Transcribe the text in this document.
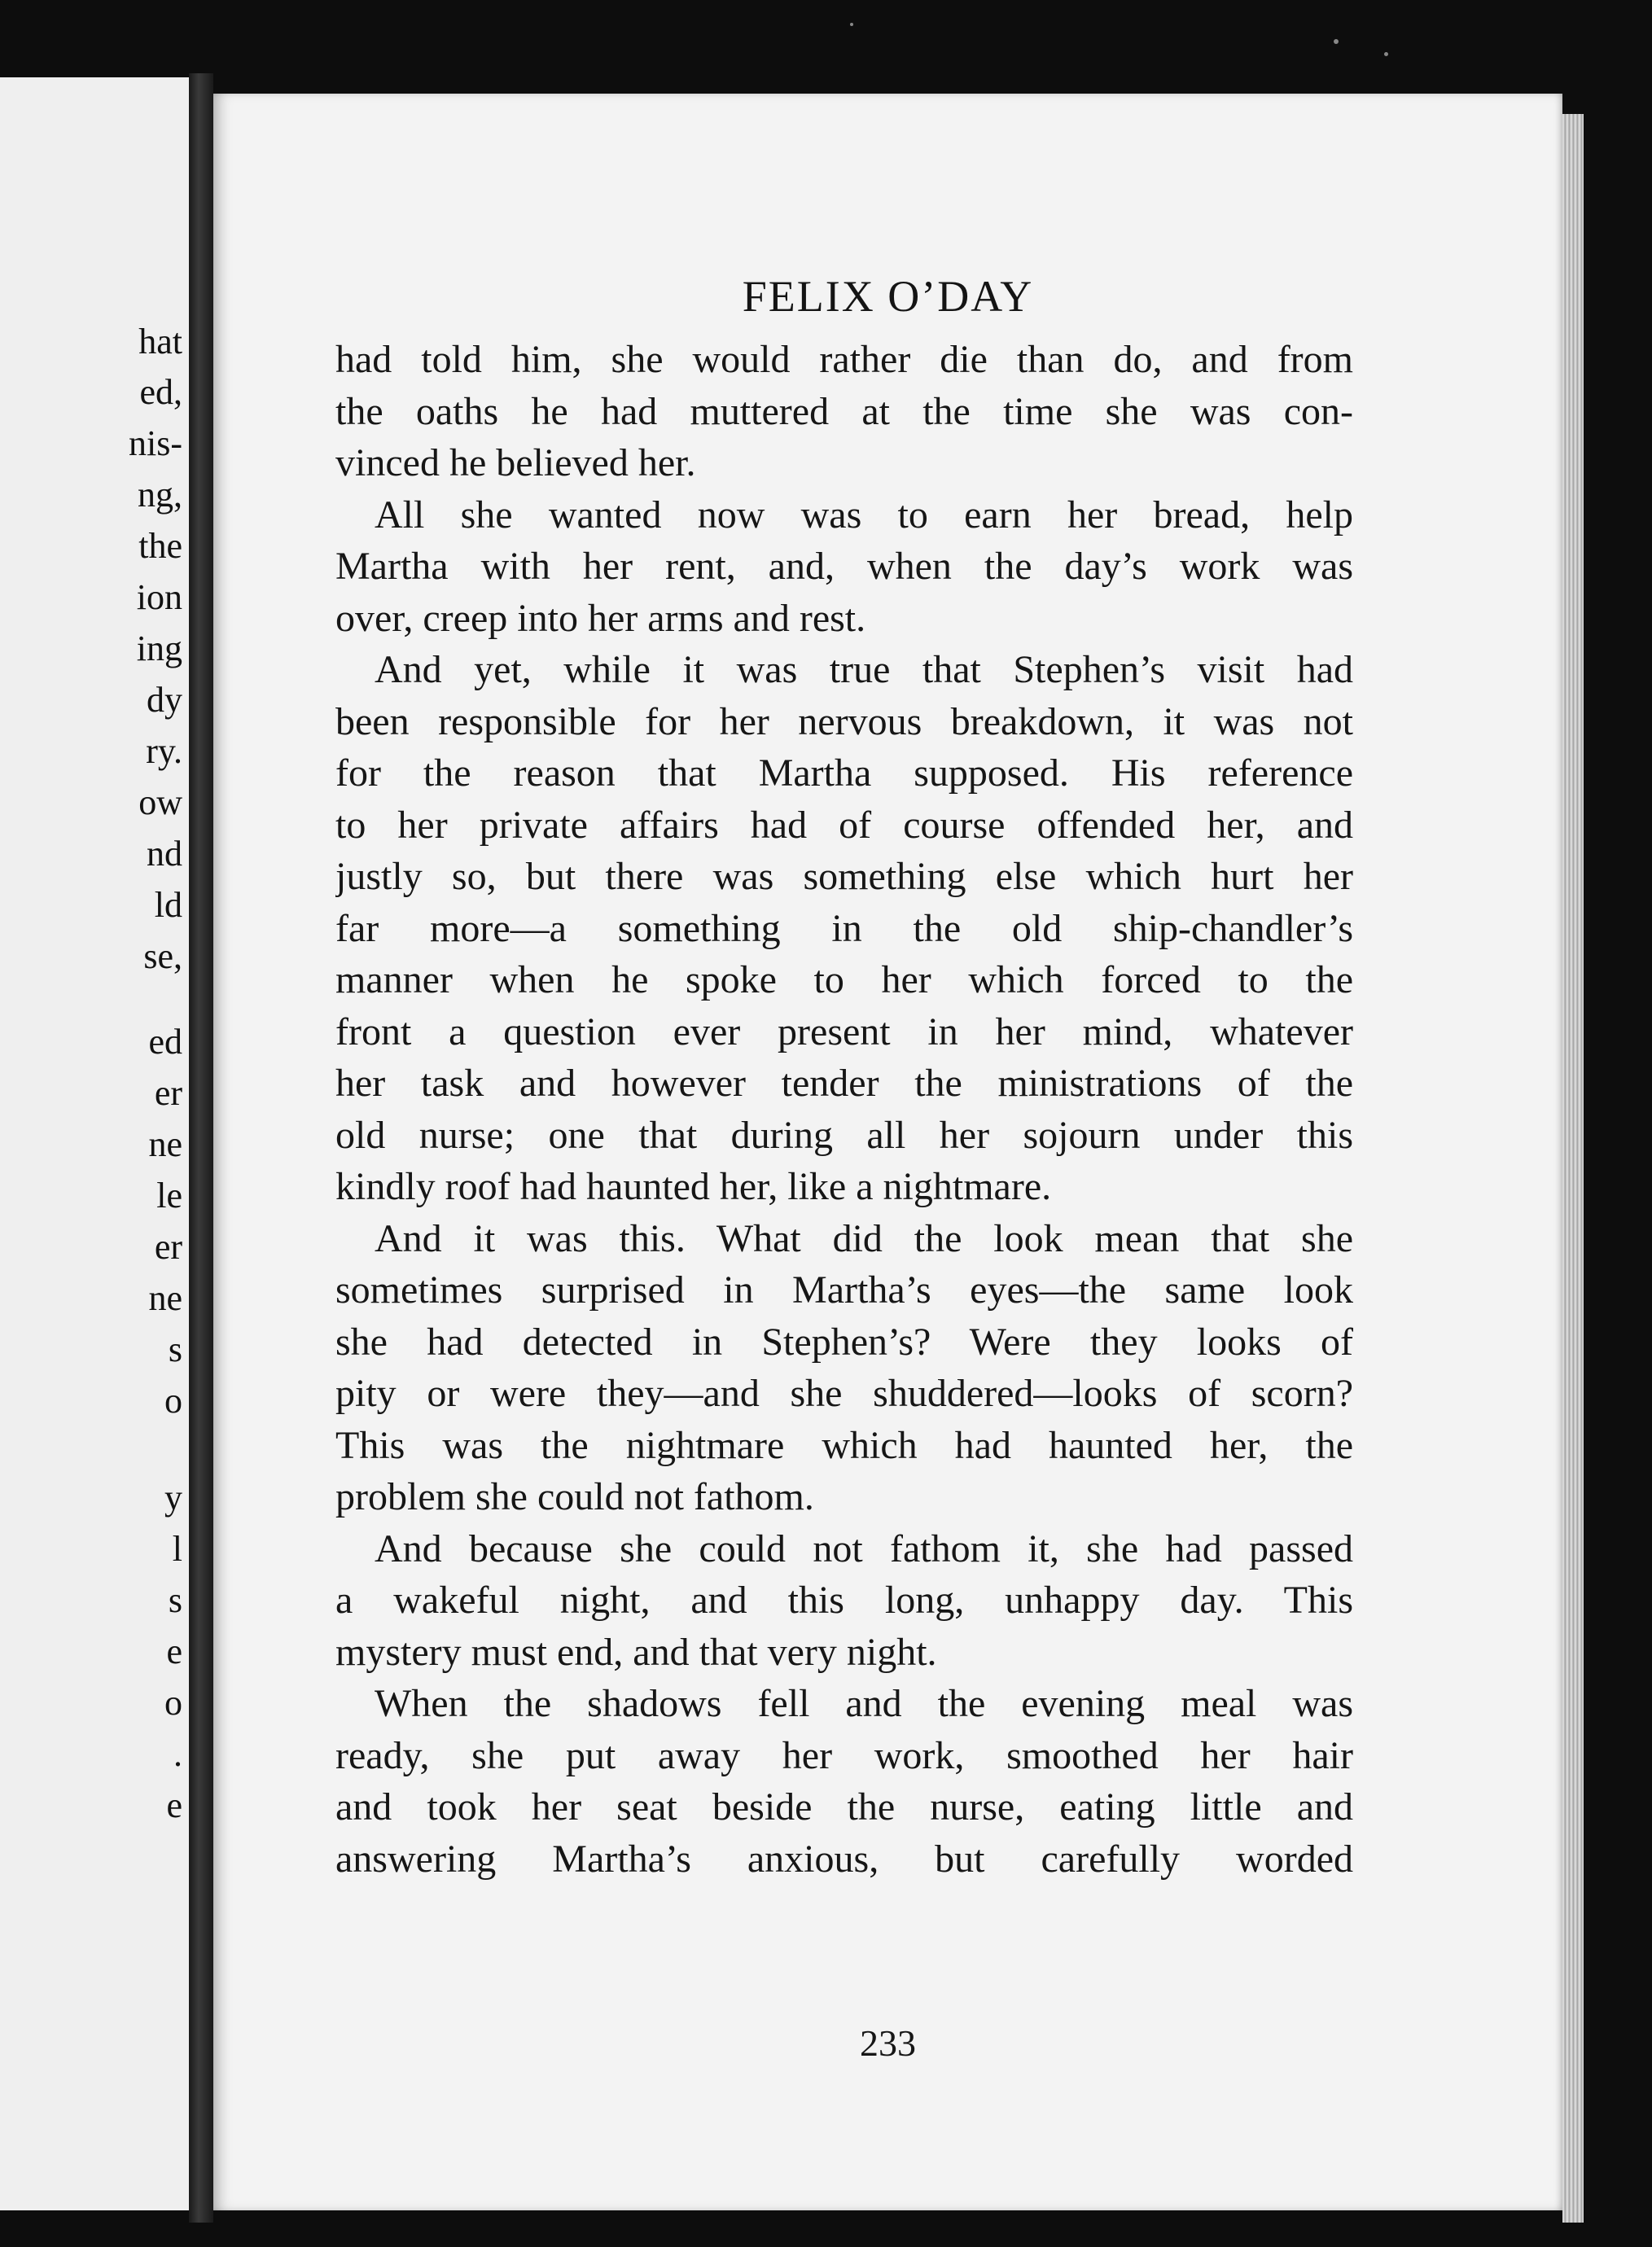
hat
ed,
nis-
ng,
the
ion
ing
dy
ry.
ow
nd
ld
se,
ed
er
ne
le
er
ne
s
o
y
l
s
e
o
.
e
FELIX O’DAY
had told him, she would rather die than do, and from
the oaths he had muttered at the time she was con-
vinced he believed her.
All she wanted now was to earn her bread, help
Martha with her rent, and, when the day’s work was
over, creep into her arms and rest.
And yet, while it was true that Stephen’s visit had
been responsible for her nervous breakdown, it was not
for the reason that Martha supposed. His reference
to her private affairs had of course offended her, and
justly so, but there was something else which hurt her
far more—a something in the old ship-chandler’s
manner when he spoke to her which forced to the
front a question ever present in her mind, whatever
her task and however tender the ministrations of the
old nurse; one that during all her sojourn under this
kindly roof had haunted her, like a nightmare.
And it was this. What did the look mean that she
sometimes surprised in Martha’s eyes—the same look
she had detected in Stephen’s? Were they looks of
pity or were they—and she shuddered—looks of scorn?
This was the nightmare which had haunted her, the
problem she could not fathom.
And because she could not fathom it, she had passed
a wakeful night, and this long, unhappy day. This
mystery must end, and that very night.
When the shadows fell and the evening meal was
ready, she put away her work, smoothed her hair
and took her seat beside the nurse, eating little and
answering Martha’s anxious, but carefully worded
233
